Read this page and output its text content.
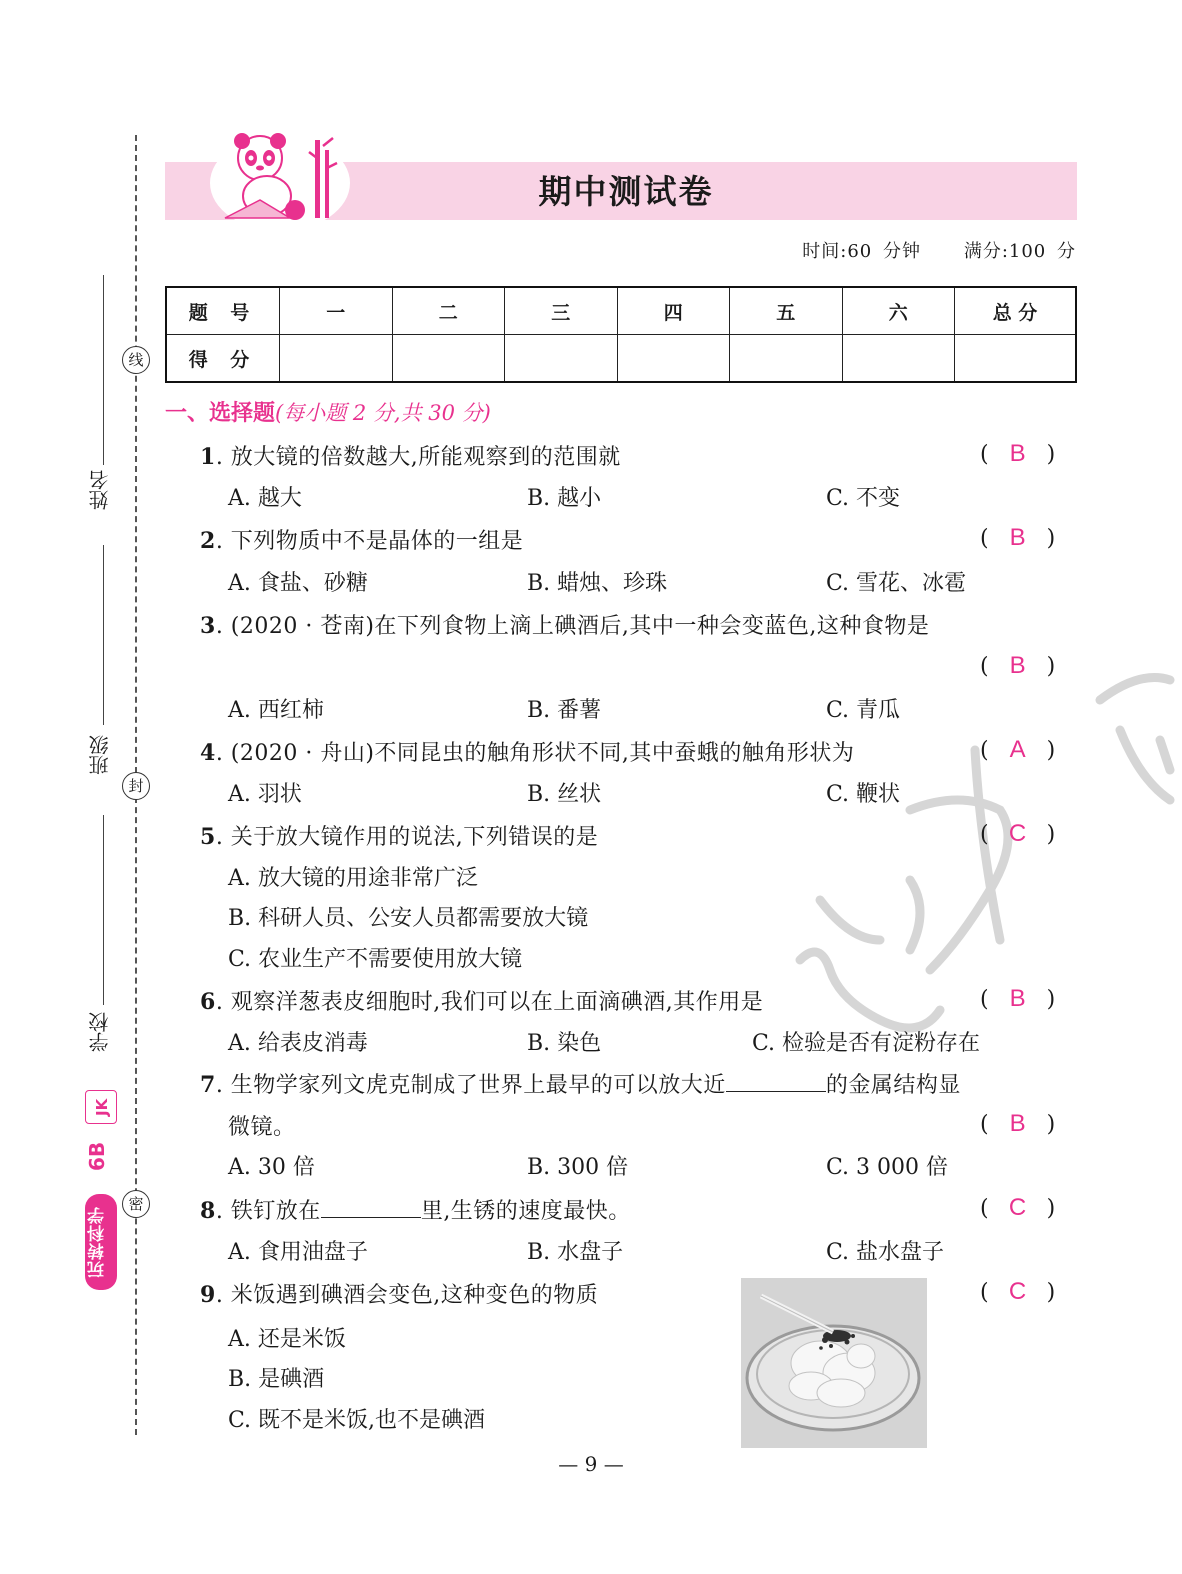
线
封
密
姓名
班级
学校
JK
6B
玩转科学
期中测试卷
时间:60 分钟 满分:100 分
题 号	一	二	三	四	五	六	总 分
得 分							
一、选择题(每小题 2 分,共 30 分)
1. 放大镜的倍数越大,所能观察到的范围就	( B )
A. 越大	B. 越小	C. 不变
2. 下列物质中不是晶体的一组是	( B )
A. 食盐、砂糖	B. 蜡烛、珍珠	C. 雪花、冰雹
3. (2020 · 苍南)在下列食物上滴上碘酒后,其中一种会变蓝色,这种食物是
( B )
A. 西红柿	B. 番薯	C. 青瓜
4. (2020 · 舟山)不同昆虫的触角形状不同,其中蚕蛾的触角形状为	( A )
A. 羽状	B. 丝状	C. 鞭状
5. 关于放大镜作用的说法,下列错误的是	( C )
A. 放大镜的用途非常广泛
B. 科研人员、公安人员都需要放大镜
C. 农业生产不需要使用放大镜
6. 观察洋葱表皮细胞时,我们可以在上面滴碘酒,其作用是	( B )
A. 给表皮消毒	B. 染色	C. 检验是否有淀粉存在
7. 生物学家列文虎克制成了世界上最早的可以放大近	的金属结构显
微镜。	( B )
A. 30 倍	B. 300 倍	C. 3 000 倍
8. 铁钉放在	里,生锈的速度最快。	( C )
A. 食用油盘子	B. 水盘子	C. 盐水盘子
9. 米饭遇到碘酒会变色,这种变色的物质	( C )
A. 还是米饭
B. 是碘酒
C. 既不是米饭,也不是碘酒
— 9 —
